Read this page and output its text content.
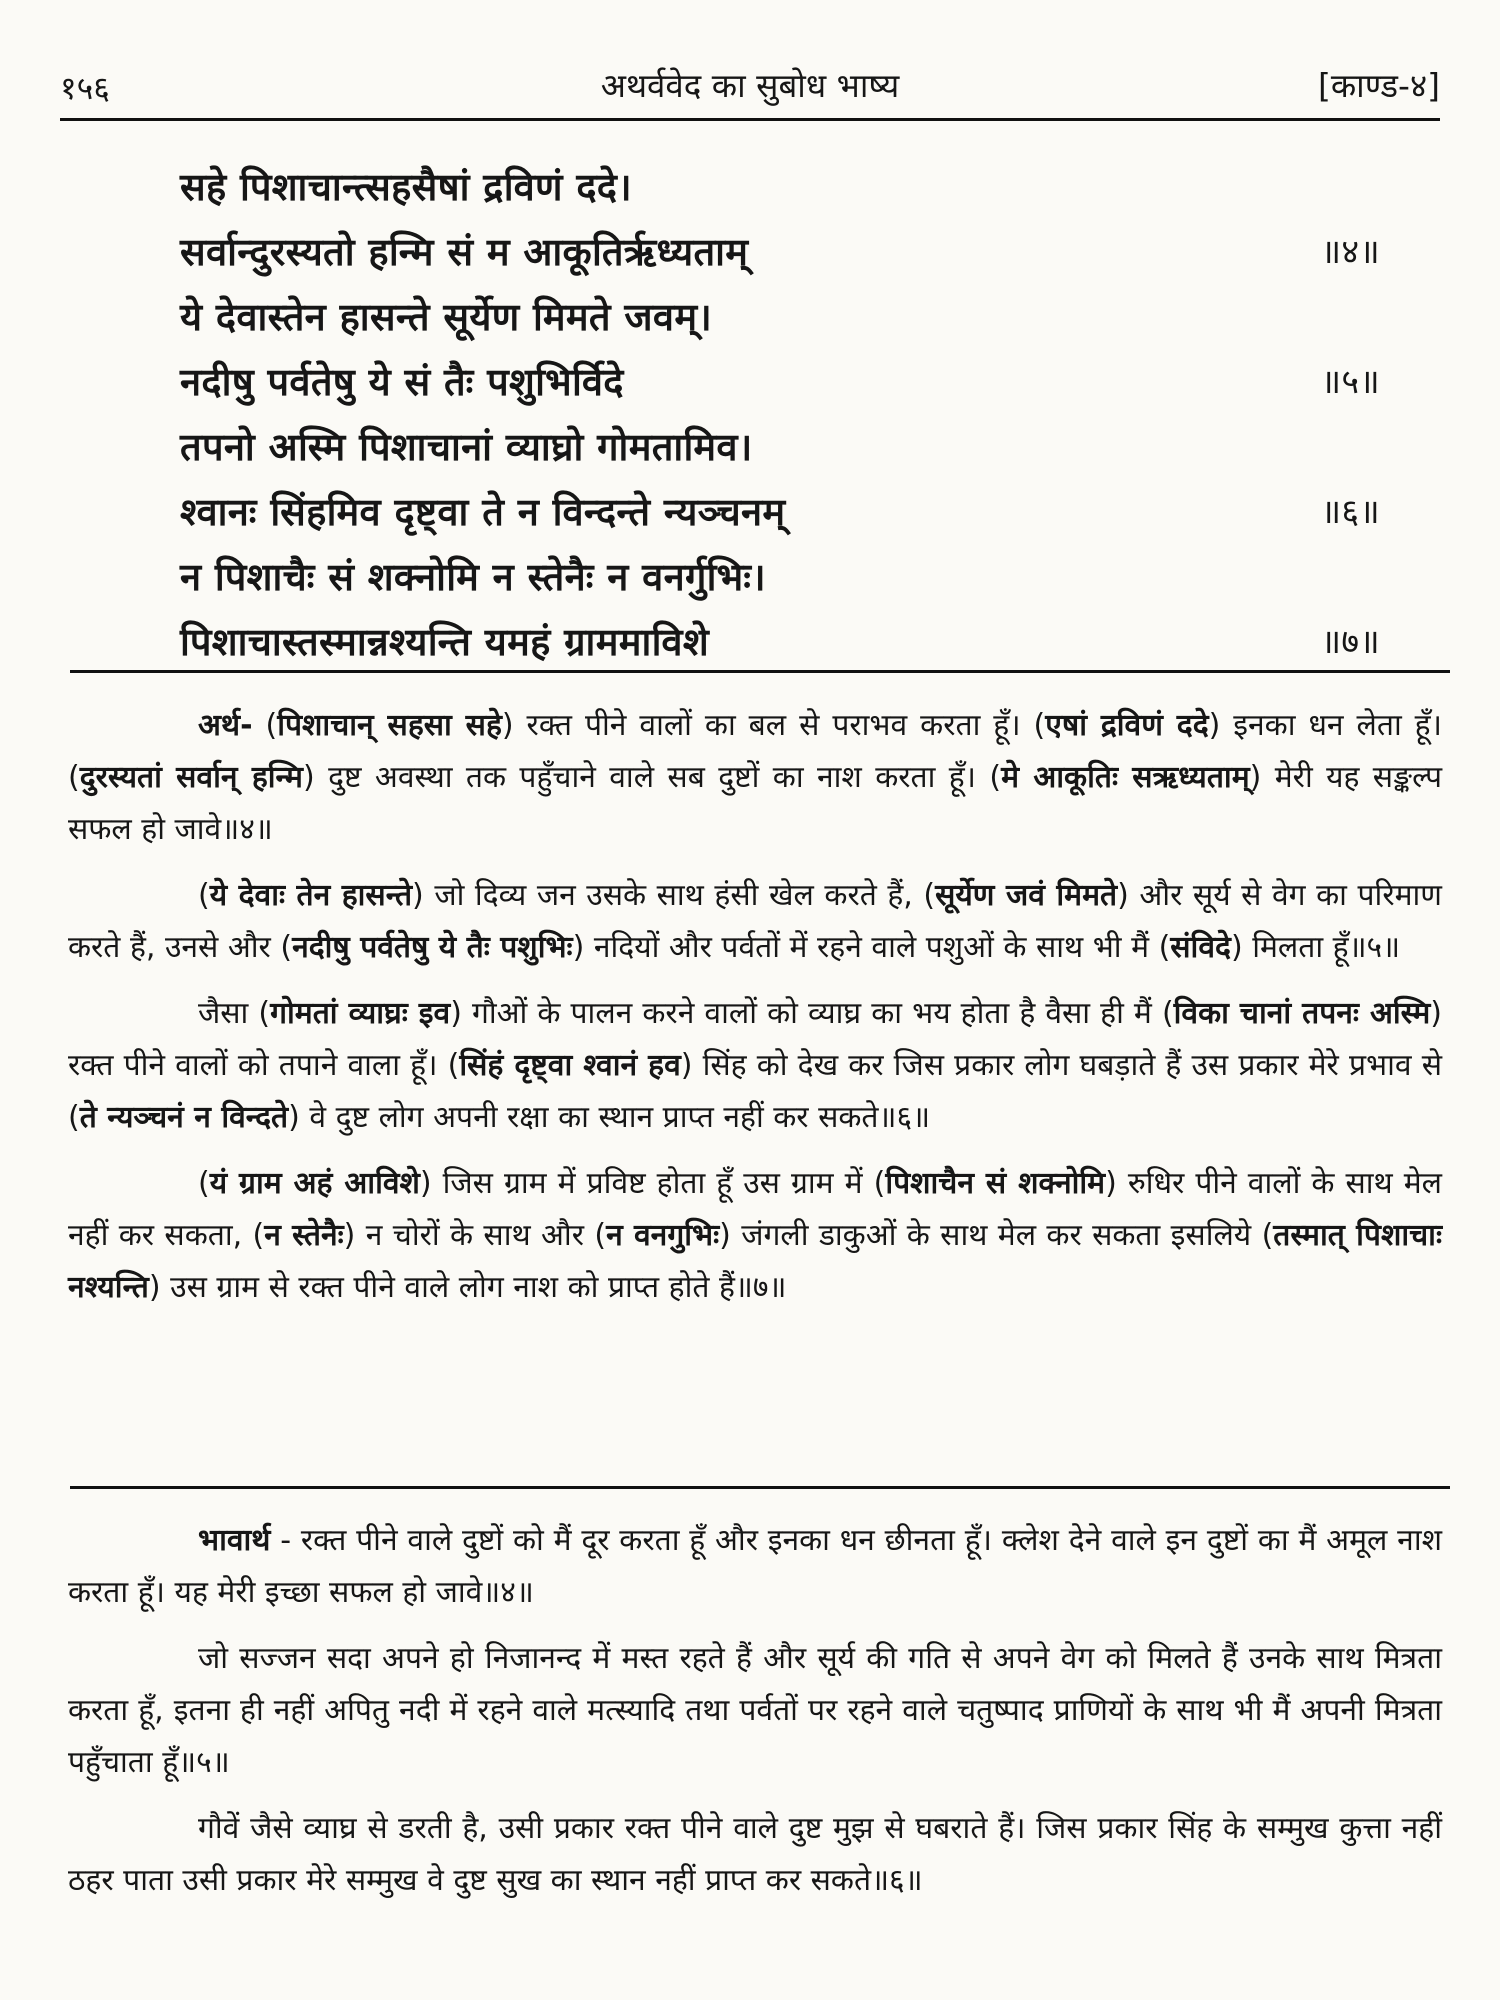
१५६	अथर्ववेद का सुबोध भाष्य	[काण्ड-४]
सहे पिशाचान्त्सहसैषां द्रविणं ददे।
सर्वान्दुरस्यतो हन्मि सं म आकूतिर्ऋध्यताम्	॥४॥
ये देवास्तेन हासन्ते सूर्येण मिमते जवम्।
नदीषु पर्वतेषु ये सं तैः पशुभिर्विदे	॥५॥
तपनो अस्मि पिशाचानां व्याघ्रो गोमतामिव।
श्वानः सिंहमिव दृष्ट्वा ते न विन्दन्ते न्यञ्चनम्	॥६॥
न पिशाचैः सं शक्नोमि न स्तेनैः न वनर्गुभिः।
पिशाचास्तस्मान्नश्यन्ति यमहं ग्राममाविशे	॥७॥

अर्थ- (पिशाचान् सहसा सहे) रक्त पीने वालों का बल से पराभव करता हूँ। (एषां द्रविणं ददे) इनका धन लेता हूँ। (दुरस्यतां सर्वान् हन्मि) दुष्ट अवस्था तक पहुँचाने वाले सब दुष्टों का नाश करता हूँ। (मे आकूतिः सऋध्यताम्) मेरी यह सङ्कल्प सफल हो जावे॥४॥

(ये देवाः तेन हासन्ते) जो दिव्य जन उसके साथ हंसी खेल करते हैं, (सूर्येण जवं मिमते) और सूर्य से वेग का परिमाण करते हैं, उनसे और (नदीषु पर्वतेषु ये तैः पशुभिः) नदियों और पर्वतों में रहने वाले पशुओं के साथ भी मैं (संविदे) मिलता हूँ॥५॥

जैसा (गोमतां व्याघ्रः इव) गौओं के पालन करने वालों को व्याघ्र का भय होता है वैसा ही मैं (विका चानां तपनः अस्मि) रक्त पीने वालों को तपाने वाला हूँ। (सिंहं दृष्ट्वा श्वानं हव) सिंह को देख कर जिस प्रकार लोग घबड़ाते हैं उस प्रकार मेरे प्रभाव से (ते न्यञ्चनं न विन्दते) वे दुष्ट लोग अपनी रक्षा का स्थान प्राप्त नहीं कर सकते॥६॥

(यं ग्राम अहं आविशे) जिस ग्राम में प्रविष्ट होता हूँ उस ग्राम में (पिशाचैन सं शक्नोमि) रुधिर पीने वालों के साथ मेल नहीं कर सकता, (न स्तेनैः) न चोरों के साथ और (न वनगुभिः) जंगली डाकुओं के साथ मेल कर सकता इसलिये (तस्मात् पिशाचाः नश्यन्ति) उस ग्राम से रक्त पीने वाले लोग नाश को प्राप्त होते हैं॥७॥

भावार्थ - रक्त पीने वाले दुष्टों को मैं दूर करता हूँ और इनका धन छीनता हूँ। क्लेश देने वाले इन दुष्टों का मैं अमूल नाश करता हूँ। यह मेरी इच्छा सफल हो जावे॥४॥

जो सज्जन सदा अपने हो निजानन्द में मस्त रहते हैं और सूर्य की गति से अपने वेग को मिलते हैं उनके साथ मित्रता करता हूँ, इतना ही नहीं अपितु नदी में रहने वाले मत्स्यादि तथा पर्वतों पर रहने वाले चतुष्पाद प्राणियों के साथ भी मैं अपनी मित्रता पहुँचाता हूँ॥५॥

गौवें जैसे व्याघ्र से डरती है, उसी प्रकार रक्त पीने वाले दुष्ट मुझ से घबराते हैं। जिस प्रकार सिंह के सम्मुख कुत्ता नहीं ठहर पाता उसी प्रकार मेरे सम्मुख वे दुष्ट सुख का स्थान नहीं प्राप्त कर सकते॥६॥
